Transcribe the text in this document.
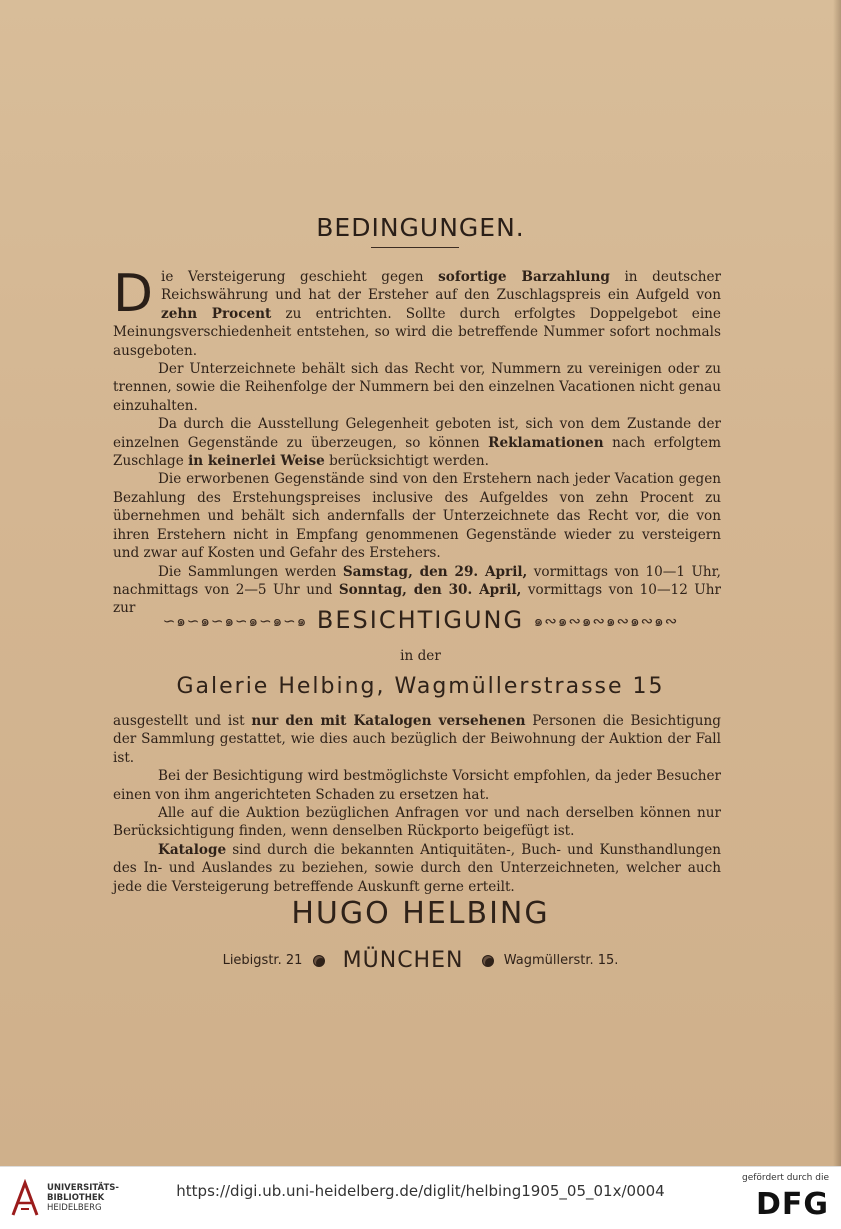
BEDINGUNGEN.

Die Versteigerung geschieht gegen sofortige Barzahlung in deutscher Reichswährung und hat der Ersteher auf den Zuschlagspreis ein Aufgeld von zehn Procent zu entrichten. Sollte durch erfolgtes Doppelgebot eine Meinungsverschiedenheit entstehen, so wird die betreffende Nummer sofort nochmals ausgeboten.

Der Unterzeichnete behält sich das Recht vor, Nummern zu vereinigen oder zu trennen, sowie die Reihenfolge der Nummern bei den einzelnen Vacationen nicht genau einzuhalten.

Da durch die Ausstellung Gelegenheit geboten ist, sich von dem Zustande der einzelnen Gegenstände zu überzeugen, so können Reklamationen nach erfolgtem Zuschlage in keinerlei Weise berücksichtigt werden.

Die erworbenen Gegenstände sind von den Erstehern nach jeder Vacation gegen Bezahlung des Erstehungspreises inclusive des Aufgeldes von zehn Procent zu übernehmen und behält sich andernfalls der Unterzeichnete das Recht vor, die von ihren Erstehern nicht in Empfang genommenen Gegenstände wieder zu versteigern und zwar auf Kosten und Gefahr des Erstehers.

Die Sammlungen werden Samstag, den 29. April, vormittags von 10—1 Uhr, nachmittags von 2—5 Uhr und Sonntag, den 30. April, vormittags von 10—12 Uhr zur

∽๑∽๑∽๑∽๑∽๑∽๑ BESICHTIGUNG ๑∾๑∾๑∾๑∾๑∾๑∾
in der
Galerie Helbing, Wagmüllerstrasse 15

ausgestellt und ist nur den mit Katalogen versehenen Personen die Besichtigung der Sammlung gestattet, wie dies auch bezüglich der Beiwohnung der Auktion der Fall ist.

Bei der Besichtigung wird bestmöglichste Vorsicht empfohlen, da jeder Besucher einen von ihm angerichteten Schaden zu ersetzen hat.

Alle auf die Auktion bezüglichen Anfragen vor und nach derselben können nur Berücksichtigung finden, wenn denselben Rückporto beigefügt ist.

Kataloge sind durch die bekannten Antiquitäten-, Buch- und Kunsthandlungen des In- und Auslandes zu beziehen, sowie durch den Unterzeichneten, welcher auch jede die Versteigerung betreffende Auskunft gerne erteilt.

HUGO HELBING
Liebigstr. 21 MÜNCHEN	Wagmüllerstr. 15.
UNIVERSITÄTS-
BIBLIOTHEK
HEIDELBERG
https://digi.ub.uni-heidelberg.de/diglit/helbing1905_05_01x/0004
gefördert durch die
DFG
